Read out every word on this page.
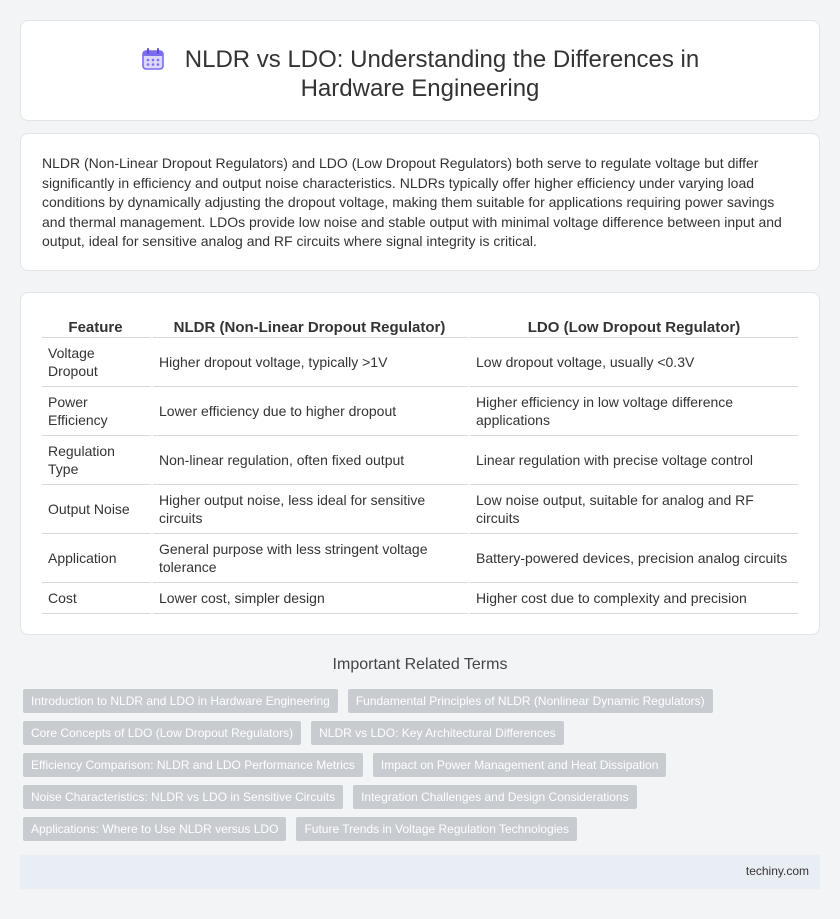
NLDR vs LDO: Understanding the Differences in
Hardware Engineering

NLDR (Non-Linear Dropout Regulators) and LDO (Low Dropout Regulators) both serve to regulate voltage but differ significantly in efficiency and output noise characteristics. NLDRs typically offer higher efficiency under varying load conditions by dynamically adjusting the dropout voltage, making them suitable for applications requiring power savings and thermal management. LDOs provide low noise and stable output with minimal voltage difference between input and output, ideal for sensitive analog and RF circuits where signal integrity is critical.

Feature	NLDR (Non-Linear Dropout Regulator)	LDO (Low Dropout Regulator)
Voltage Dropout	Higher dropout voltage, typically >1V	Low dropout voltage, usually <0.3V
Power Efficiency	Lower efficiency due to higher dropout	Higher efficiency in low voltage difference applications
Regulation Type	Non-linear regulation, often fixed output	Linear regulation with precise voltage control
Output Noise	Higher output noise, less ideal for sensitive circuits	Low noise output, suitable for analog and RF circuits
Application	General purpose with less stringent voltage tolerance	Battery-powered devices, precision analog circuits
Cost	Lower cost, simpler design	Higher cost due to complexity and precision
Important Related Terms
Introduction to NLDR and LDO in Hardware Engineering	Fundamental Principles of NLDR (Nonlinear Dynamic Regulators)
Core Concepts of LDO (Low Dropout Regulators)	NLDR vs LDO: Key Architectural Differences
Efficiency Comparison: NLDR and LDO Performance Metrics	Impact on Power Management and Heat Dissipation
Noise Characteristics: NLDR vs LDO in Sensitive Circuits	Integration Challenges and Design Considerations
Applications: Where to Use NLDR versus LDO	Future Trends in Voltage Regulation Technologies
techiny.com
